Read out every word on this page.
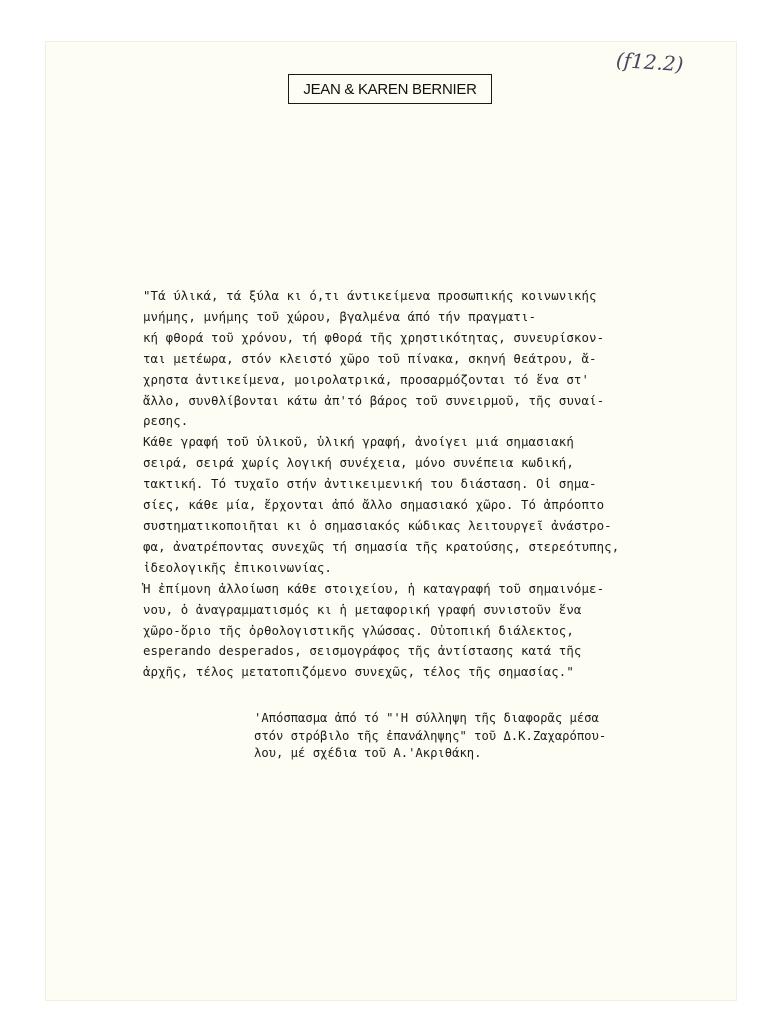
JEAN & KAREN BERNIER
(f12.2)
"Τά ύλικά, τά ξύλα κι ό,τι άντικείμενα προσωπικής κοινωνικής
μνήμης, μνήμης τοῦ χώρου, βγαλμένα άπό τήν πραγματι-
κή φθορά τοῦ χρόνου, τή φθορά τῆς χρηστικότητας, συνευρίσκον-
ται μετέωρα, στόν κλειστό χῶρο τοῦ πίνακα, σκηνή θεάτρου, ἄ-
χρηστα ἀντικείμενα, μοιρολατρικά, προσαρμόζονται τό ἕνα στ'
ἄλλο, συνθλίβονται κάτω ἀπ'τό βάρος τοῦ συνειρμοῦ, τῆς συναί-
ρεσης.
Κάθε γραφή τοῦ ὑλικοῦ, ὑλική γραφή, ἀνοίγει μιά σημασιακή
σειρά, σειρά χωρίς λογική συνέχεια, μόνο συνέπεια κωδική,
τακτική. Τό τυχαῖο στήν ἀντικειμενική του διάσταση. Οἱ σημα-
σίες, κάθε μία, ἔρχονται ἀπό ἄλλο σημασιακό χῶρο. Τό ἀπρόοπτο
συστηματικοποιῆται κι ὁ σημασιακός κώδικας λειτουργεῖ ἀνάστρο-
φα, ἀνατρέποντας συνεχῶς τή σημασία τῆς κρατούσης, στερεότυπης,
ἰδεολογικῆς ἐπικοινωνίας.
Ἡ ἐπίμονη ἀλλοίωση κάθε στοιχείου, ἡ καταγραφή τοῦ σημαινόμε-
νου, ὁ ἀναγραμματισμός κι ἡ μεταφορική γραφή συνιστοῦν ἕνα
χῶρο-ὅριο τῆς ὀρθολογιστικῆς γλώσσας. Οὐτοπική διάλεκτος,
esperando desperados, σεισμογράφος τῆς ἀντίστασης κατά τῆς
ἀρχῆς, τέλος μετατοπιζόμενο συνεχῶς, τέλος τῆς σημασίας."
'Απόσπασμα ἀπό τό "'Η σύλληψη τῆς διαφορᾶς μέσα
στόν στρόβιλο τῆς ἐπανάληψης" τοῦ Δ.Κ.Ζαχαρόπου-
λου, μέ σχέδια τοῦ Α.'Ακριθάκη.
